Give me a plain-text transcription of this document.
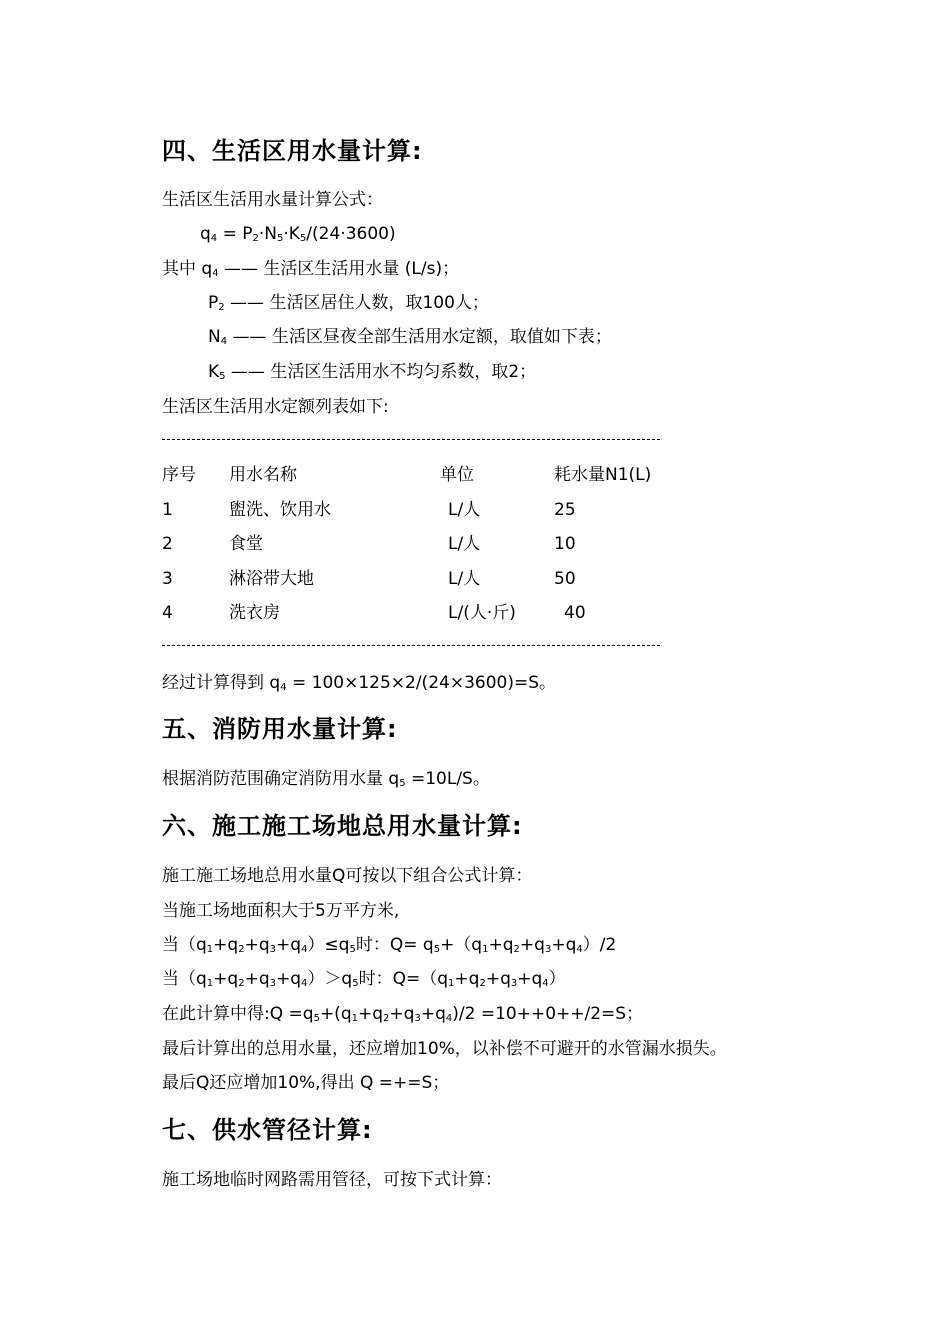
四、生活区用水量计算:
生活区生活用水量计算公式：
$q_4 = P_2\cdot N_5\cdot K_5/(24\cdot 3600)$
其中 $q_4$ —— 生活区生活用水量 (L/s)；
$P_2$ —— 生活区居住人数，取100人；
$N_4$ —— 生活区昼夜全部生活用水定额，取值如下表；
$K_5$ —— 生活区生活用水不均匀系数，取2；
生活区生活用水定额列表如下:
序号 用水名称	单位	耗水量N1(L)
1	盥洗、饮用水	L/人	25
2	食堂	L/人	10
3	淋浴带大地	L/人	50
4	洗衣房	L/(人·斤)	40
经过计算得到 $q_4 = 100\times 125\times 2/(24\times 3600)=S$。
五、消防用水量计算:
根据消防范围确定消防用水量 $q_5 =10L/S$。
六、施工施工场地总用水量计算:
施工施工场地总用水量Q可按以下组合公式计算：
当施工场地面积大于5万平方米,
当$(q_1+q_2+q_3+q_4)\le q_5$时：$Q= q_5+(q_1+q_2+q_3+q_4)/2$
当$(q_1+q_2+q_3+q_4)>q_5$时：$Q=(q_1+q_2+q_3+q_4)$
在此计算中得:Q $=q_5+(q_1+q_2+q_3+q_4)/2 =10++0++/2=S$；
最后计算出的总用水量，还应增加10%，以补偿不可避开的水管漏水损失。
最后Q还应增加10%,得出 Q =+=S；
七、供水管径计算:
施工场地临时网路需用管径，可按下式计算：
